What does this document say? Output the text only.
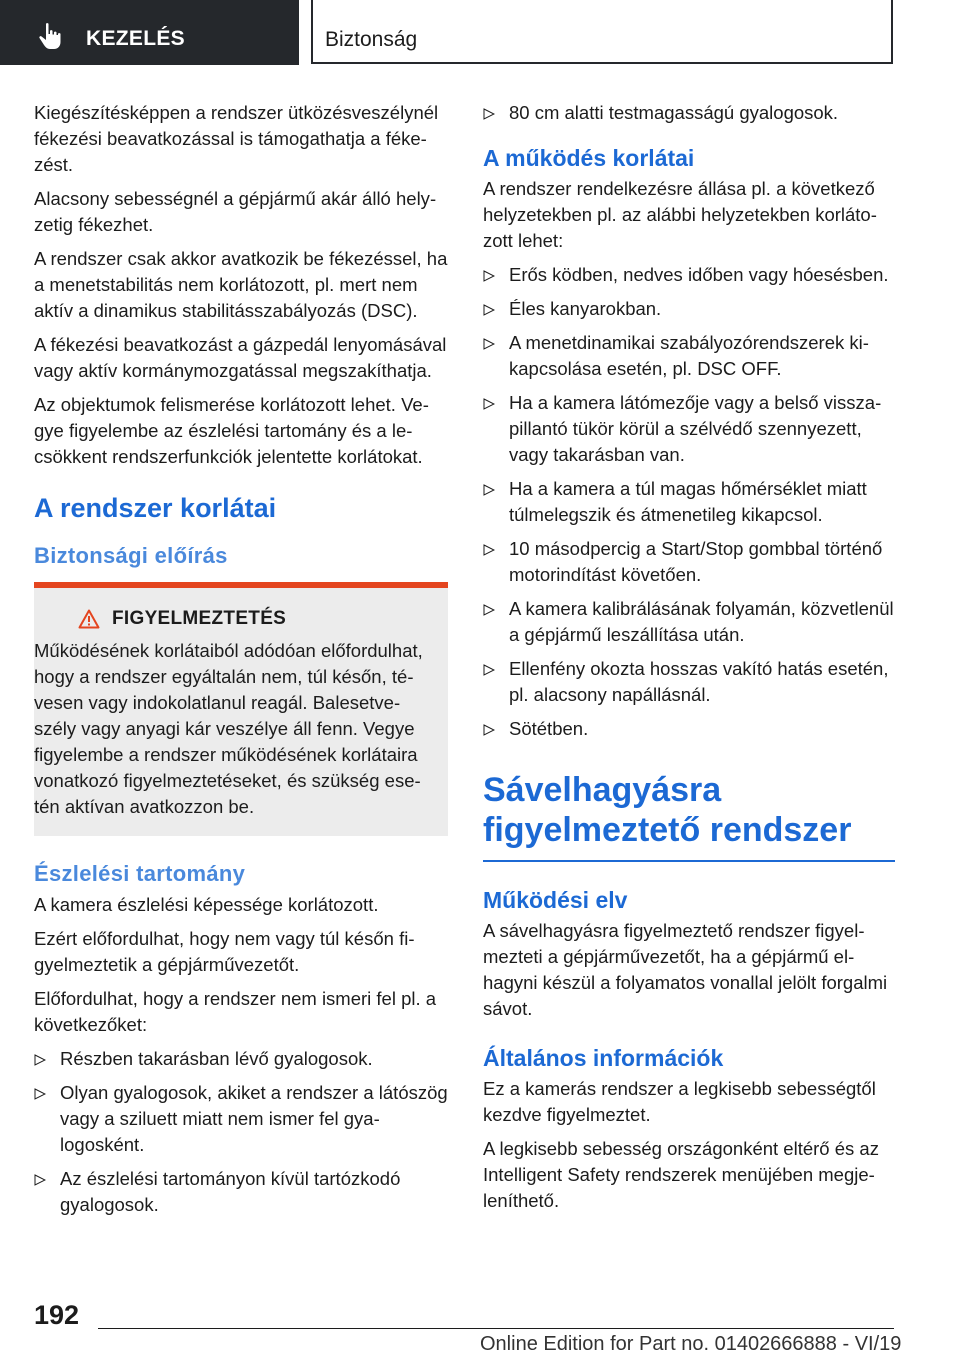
KEZELÉS	Biztonság

Kiegészítésképpen a rendszer ütközésveszélynél fékezési beavatkozással is támogathatja a fékezést.

Alacsony sebességnél a gépjármű akár álló helyzetig fékezhet.

A rendszer csak akkor avatkozik be fékezéssel, ha a menetstabilitás nem korlátozott, pl. mert nem aktív a dinamikus stabilitásszabályozás (DSC).

A fékezési beavatkozást a gázpedál lenyomásával vagy aktív kormánymozgatással megszakíthatja.

Az objektumok felismerése korlátozott lehet. Vegye figyelembe az észlelési tartomány és a lecsökkent rendszerfunkciók jelentette korlátokat.

A rendszer korlátai
Biztonsági előírás
FIGYELMEZTETÉS

Működésének korlátaiból adódóan előfordulhat, hogy a rendszer egyáltalán nem, túl későn, tévesen vagy indokolatlanul reagál. Balesetveszély vagy anyagi kár veszélye áll fenn. Vegye figyelembe a rendszer működésének korlátaira vonatkozó figyelmeztetéseket, és szükség esetén aktívan avatkozzon be.

Észlelési tartomány

A kamera észlelési képessége korlátozott.

Ezért előfordulhat, hogy nem vagy túl későn figyelmeztetik a gépjárművezetőt.

Előfordulhat, hogy a rendszer nem ismeri fel pl. a következőket:

Részben takarásban lévő gyalogosok.
Olyan gyalogosok, akiket a rendszer a látószög vagy a sziluett miatt nem ismer fel gyalogosként.
Az észlelési tartományon kívül tartózkodó gyalogosok.
80 cm alatti testmagasságú gyalogosok.
A működés korlátai

A rendszer rendelkezésre állása pl. a következő helyzetekben pl. az alábbi helyzetekben korlátozott lehet:

Erős ködben, nedves időben vagy hóesésben.
Éles kanyarokban.
A menetdinamikai szabályozórendszerek kikapcsolása esetén, pl. DSC OFF.
Ha a kamera látómezője vagy a belső visszapillantó tükör körül a szélvédő szennyezett, vagy takarásban van.
Ha a kamera a túl magas hőmérséklet miatt túlmelegszik és átmenetileg kikapcsol.
10 másodpercig a Start/Stop gombbal történő motorindítást követően.
A kamera kalibrálásának folyamán, közvetlenül a gépjármű leszállítása után.
Ellenfény okozta hosszas vakító hatás esetén, pl. alacsony napállásnál.
Sötétben.
Sávelhagyásra figyelmeztető rendszer
Működési elv

A sávelhagyásra figyelmeztető rendszer figyelmezteti a gépjárművezetőt, ha a gépjármű elhagyni készül a folyamatos vonallal jelölt forgalmi sávot.

Általános információk

Ez a kamerás rendszer a legkisebb sebességtől kezdve figyelmeztet.

A legkisebb sebesség országonként eltérő és az Intelligent Safety rendszerek menüjében megjeleníthető.

192
Online Edition for Part no. 01402666888 - VI/19
